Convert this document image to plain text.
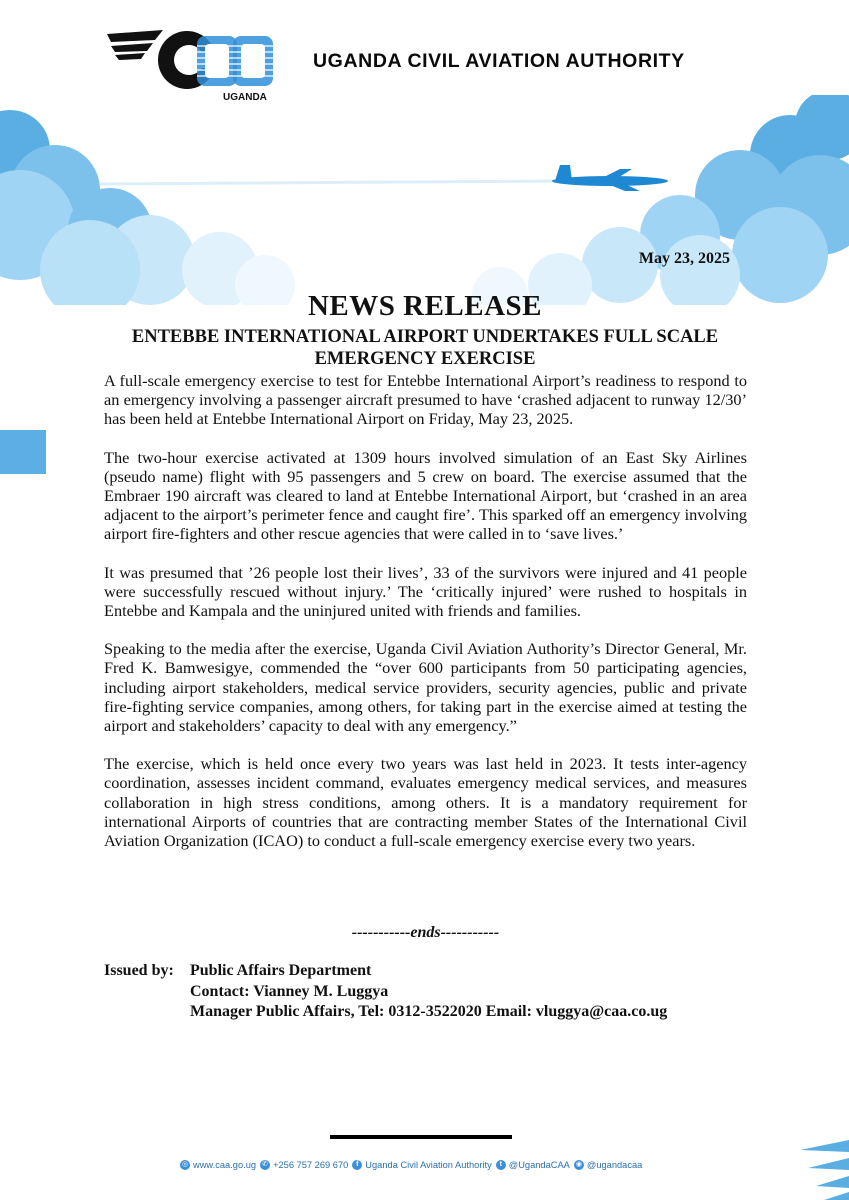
UGANDA
UGANDA CIVIL AVIATION AUTHORITY
May 23, 2025
NEWS RELEASE
ENTEBBE INTERNATIONAL AIRPORT UNDERTAKES FULL SCALE EMERGENCY EXERCISE

A full-scale emergency exercise to test for Entebbe International Airport’s readiness to respond to an emergency involving a passenger aircraft presumed to have ‘crashed adjacent to runway 12/30’ has been held at Entebbe International Airport on Friday, May 23, 2025.

The two-hour exercise activated at 1309 hours involved simulation of an East Sky Airlines (pseudo name) flight with 95 passengers and 5 crew on board. The exercise assumed that the Embraer 190 aircraft was cleared to land at Entebbe International Airport, but ‘crashed in an area adjacent to the airport’s perimeter fence and caught fire’. This sparked off an emergency involving airport fire-fighters and other rescue agencies that were called in to ‘save lives.’

It was presumed that ’26 people lost their lives’, 33 of the survivors were injured and 41 people were successfully rescued without injury.’ The ‘critically injured’ were rushed to hospitals in Entebbe and Kampala and the uninjured united with friends and families.

Speaking to the media after the exercise, Uganda Civil Aviation Authority’s Director General, Mr. Fred K. Bamwesigye, commended the “over 600 participants from 50 participating agencies, including airport stakeholders, medical service providers, security agencies, public and private fire-fighting service companies, among others, for taking part in the exercise aimed at testing the airport and stakeholders’ capacity to deal with any emergency.”

The exercise, which is held once every two years was last held in 2023. It tests inter-agency coordination, assesses incident command, evaluates emergency medical services, and measures collaboration in high stress conditions, among others. It is a mandatory requirement for international Airports of countries that are contracting member States of the International Civil Aviation Organization (ICAO) to conduct a full-scale emergency exercise every two years.

-----------ends-----------
Issued by: Public Affairs Department
Contact: Vianney M. Luggya
Manager Public Affairs, Tel: 0312-3522020 Email: vluggya@caa.co.ug
◎ www.caa.go.ug ✆ +256 757 269 670	f Uganda Civil Aviation Authority	t @UgandaCAA ◉ @ugandacaa
